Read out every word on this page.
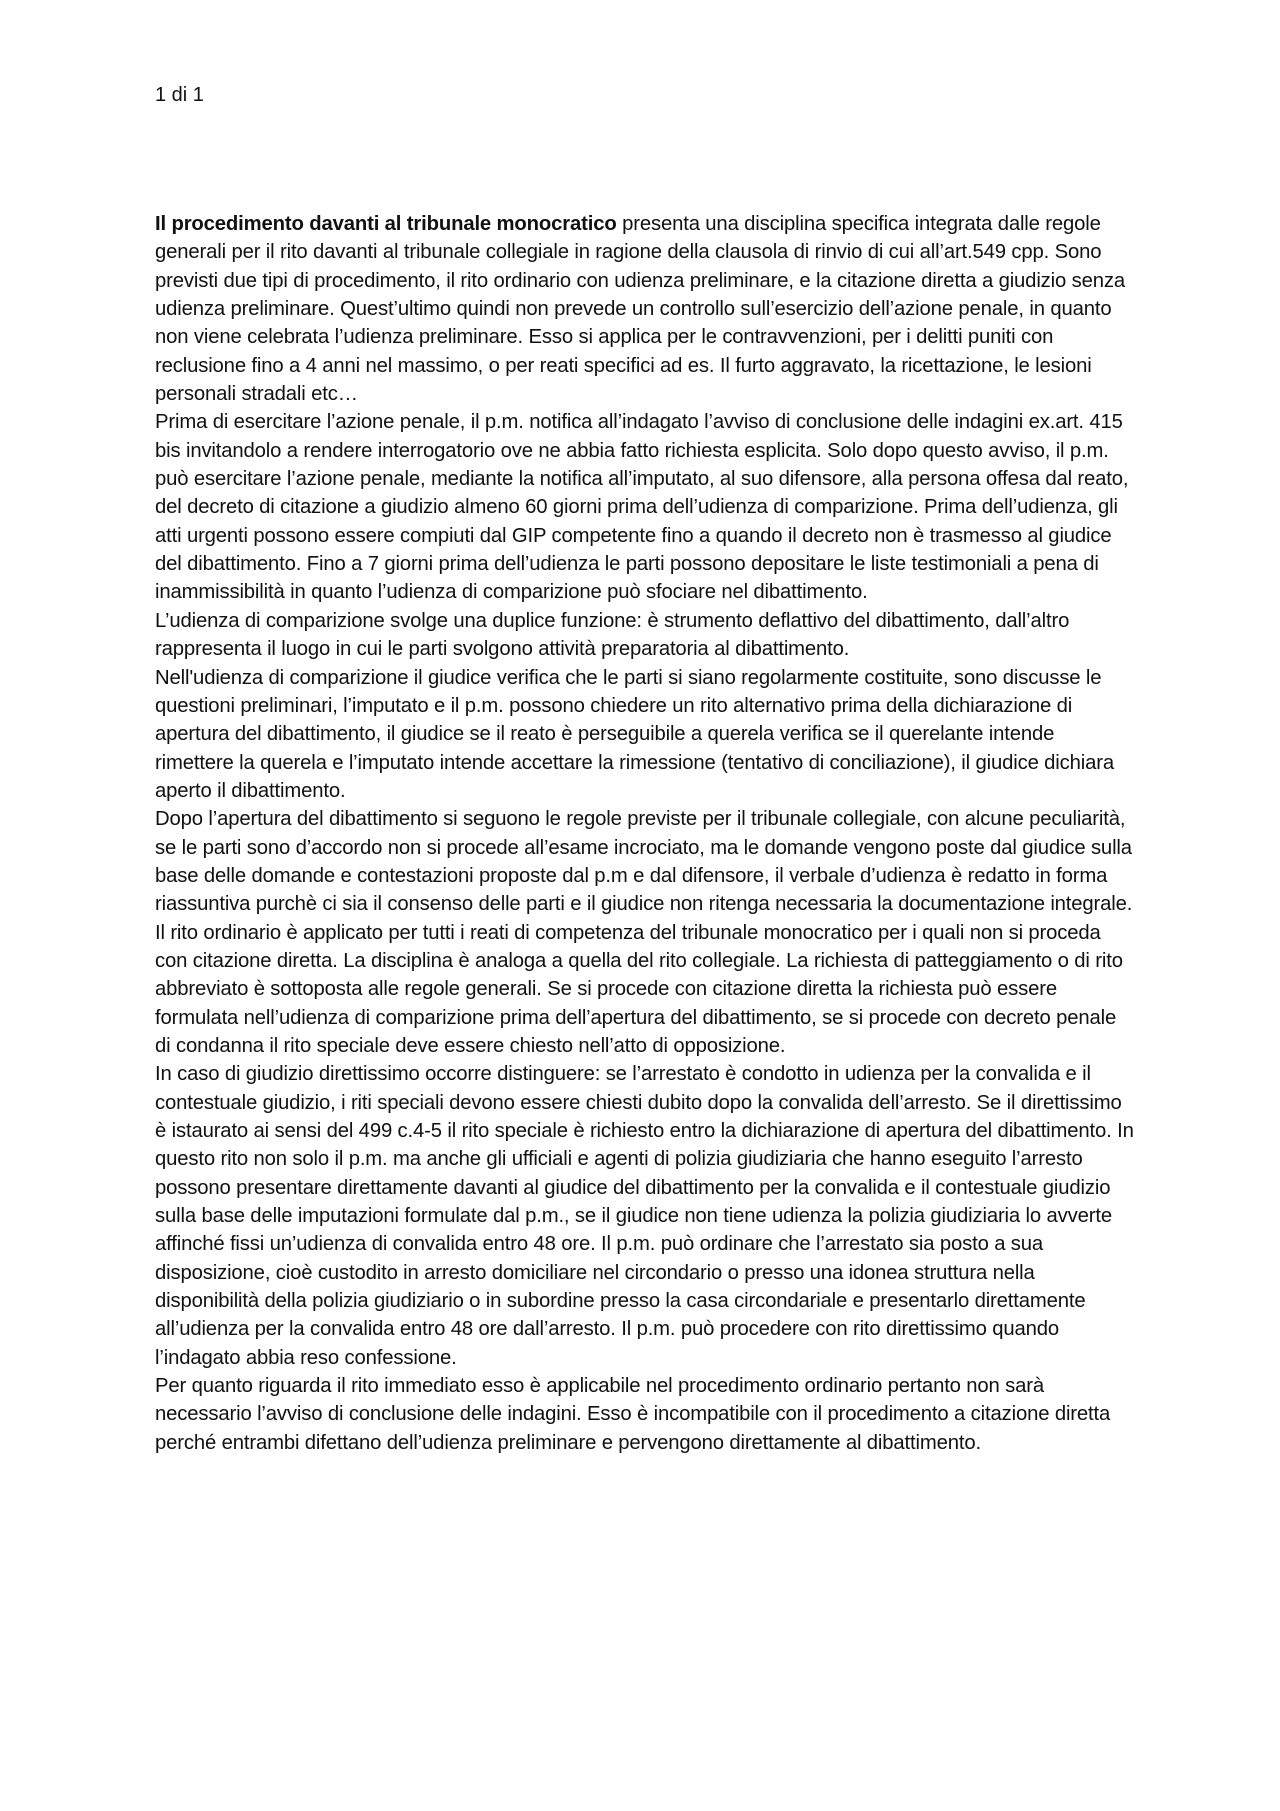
1 di 1

Il procedimento davanti al tribunale monocratico presenta una disciplina specifica integrata dalle regole generali per il rito davanti al tribunale collegiale in ragione della clausola di rinvio di cui all’art.549 cpp. Sono previsti due tipi di procedimento, il rito ordinario con udienza preliminare, e la citazione diretta a giudizio senza udienza preliminare. Quest’ultimo quindi non prevede un controllo sull’esercizio dell’azione penale, in quanto non viene celebrata l’udienza preliminare. Esso si applica per le contravvenzioni, per i delitti puniti con reclusione fino a 4 anni nel massimo, o per reati specifici ad es. Il furto aggravato, la ricettazione, le lesioni personali stradali etc…

Prima di esercitare l’azione penale, il p.m. notifica all’indagato l’avviso di conclusione delle indagini ex.art. 415 bis invitandolo a rendere interrogatorio ove ne abbia fatto richiesta esplicita. Solo dopo questo avviso, il p.m. può esercitare l’azione penale, mediante la notifica all’imputato, al suo difensore, alla persona offesa dal reato, del decreto di citazione a giudizio almeno 60 giorni prima dell’udienza di comparizione. Prima dell’udienza, gli atti urgenti possono essere compiuti dal GIP competente fino a quando il decreto non è trasmesso al giudice del dibattimento. Fino a 7 giorni prima dell’udienza le parti possono depositare le liste testimoniali a pena di inammissibilità in quanto l’udienza di comparizione può sfociare nel dibattimento.

L’udienza di comparizione svolge una duplice funzione: è strumento deflattivo del dibattimento, dall’altro rappresenta il luogo in cui le parti svolgono attività preparatoria al dibattimento.

Nell'udienza di comparizione il giudice verifica che le parti si siano regolarmente costituite, sono discusse le questioni preliminari, l’imputato e il p.m. possono chiedere un rito alternativo prima della dichiarazione di apertura del dibattimento, il giudice se il reato è perseguibile a querela verifica se il querelante intende rimettere la querela e l’imputato intende accettare la rimessione (tentativo di conciliazione), il giudice dichiara aperto il dibattimento.

Dopo l’apertura del dibattimento si seguono le regole previste per il tribunale collegiale, con alcune peculiarità, se le parti sono d’accordo non si procede all’esame incrociato, ma le domande vengono poste dal giudice sulla base delle domande e contestazioni proposte dal p.m e dal difensore, il verbale d’udienza è redatto in forma riassuntiva purchè ci sia il consenso delle parti e il giudice non ritenga necessaria la documentazione integrale. Il rito ordinario è applicato per tutti i reati di competenza del tribunale monocratico per i quali non si proceda con citazione diretta. La disciplina è analoga a quella del rito collegiale. La richiesta di patteggiamento o di rito abbreviato è sottoposta alle regole generali. Se si procede con citazione diretta la richiesta può essere formulata nell’udienza di comparizione prima dell’apertura del dibattimento, se si procede con decreto penale di condanna il rito speciale deve essere chiesto nell’atto di opposizione.

In caso di giudizio direttissimo occorre distinguere: se l’arrestato è condotto in udienza per la convalida e il contestuale giudizio, i riti speciali devono essere chiesti dubito dopo la convalida dell’arresto. Se il direttissimo è istaurato ai sensi del 499 c.4-5 il rito speciale è richiesto entro la dichiarazione di apertura del dibattimento. In questo rito non solo il p.m. ma anche gli ufficiali e agenti di polizia giudiziaria che hanno eseguito l’arresto possono presentare direttamente davanti al giudice del dibattimento per la convalida e il contestuale giudizio sulla base delle imputazioni formulate dal p.m., se il giudice non tiene udienza la polizia giudiziaria lo avverte affinché fissi un’udienza di convalida entro 48 ore. Il p.m. può ordinare che l’arrestato sia posto a sua disposizione, cioè custodito in arresto domiciliare nel circondario o presso una idonea struttura nella disponibilità della polizia giudiziario o in subordine presso la casa circondariale e presentarlo direttamente all’udienza per la convalida entro 48 ore dall’arresto. Il p.m. può procedere con rito direttissimo quando l’indagato abbia reso confessione.

Per quanto riguarda il rito immediato esso è applicabile nel procedimento ordinario pertanto non sarà necessario l’avviso di conclusione delle indagini. Esso è incompatibile con il procedimento a citazione diretta perché entrambi difettano dell’udienza preliminare e pervengono direttamente al dibattimento.
